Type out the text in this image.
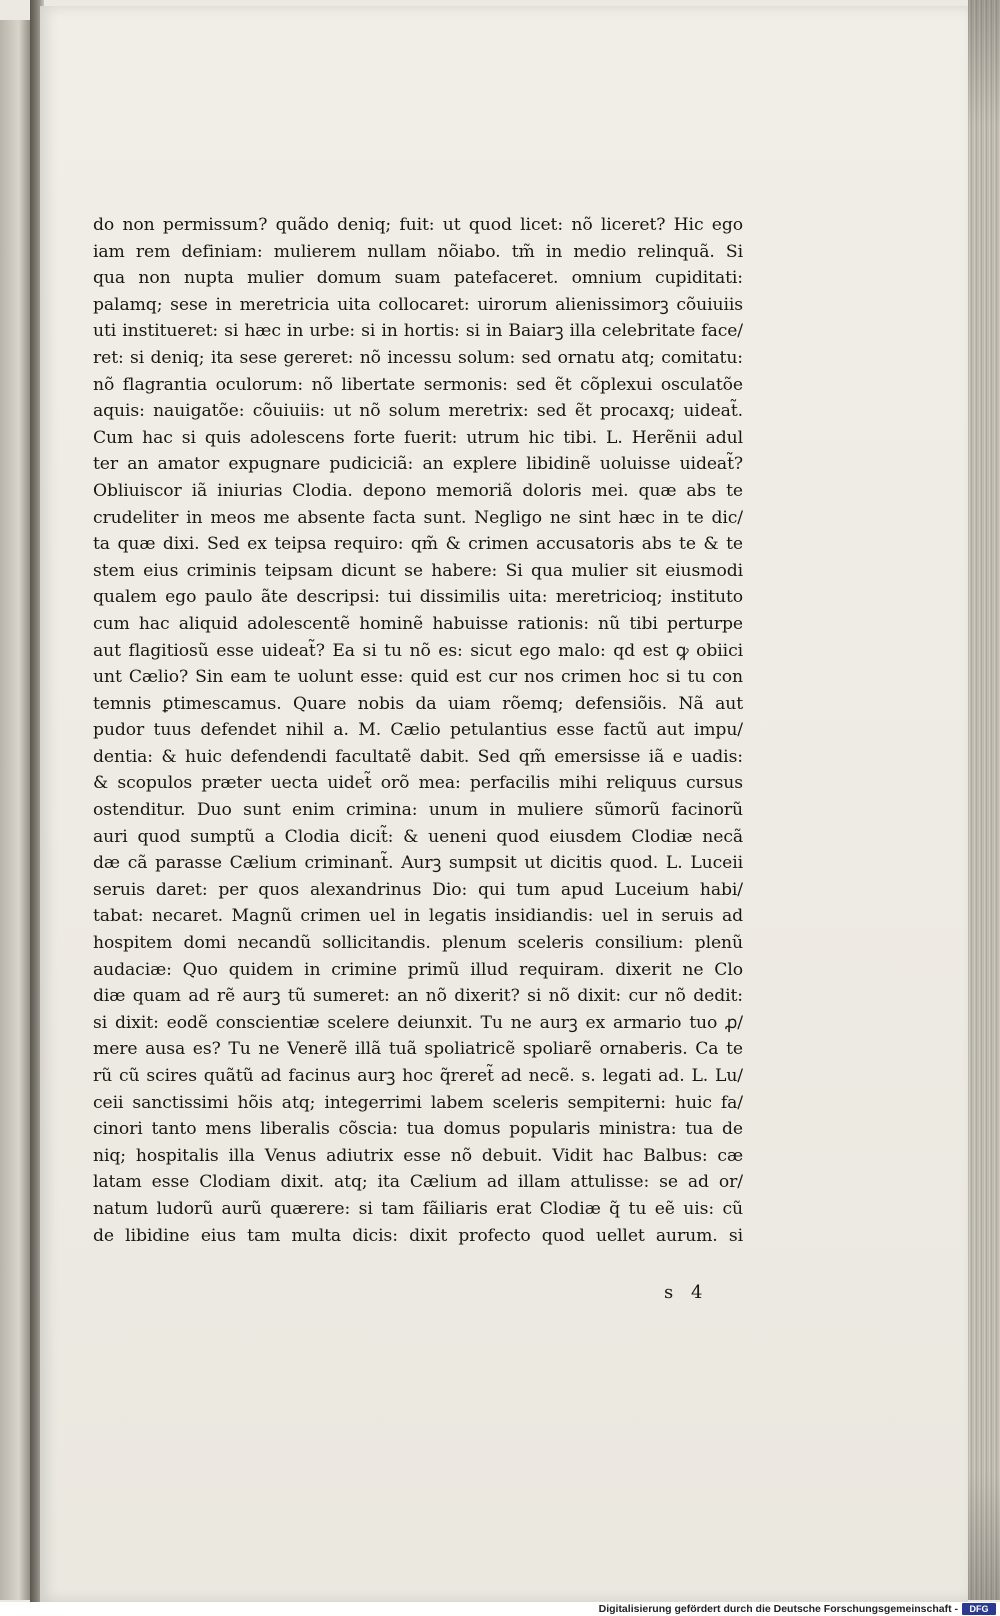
do non permissum? quãdo deniq; fuit: ut quod licet: nõ liceret? Hic ego
iam rem definiam: mulierem nullam nõiabo. tm̃ in medio relinquã. Si
qua non nupta mulier domum suam patefaceret. omnium cupiditati:
palamq; sese in meretricia uita collocaret: uirorum alienissimorꝫ cõuiuiis
uti institueret: si hæc in urbe: si in hortis: si in Baiarꝫ illa celebritate face/
ret: si deniq; ita sese gereret: nõ incessu solum: sed ornatu atq; comitatu:
nõ flagrantia oculorum: nõ libertate sermonis: sed ẽt cõplexui osculatõe
aquis: nauigatõe: cõuiuiis: ut nõ solum meretrix: sed ẽt procaxq; uideat̃.
Cum hac si quis adolescens forte fuerit: utrum hic tibi. L. Herẽnii adul
ter an amator expugnare pudiciciã: an explere libidinẽ uoluisse uideat̃?
Obliuiscor iã iniurias Clodia. depono memoriã doloris mei. quæ abs te
crudeliter in meos me absente facta sunt. Negligo ne sint hæc in te dic/
ta quæ dixi. Sed ex teipsa requiro: qm̃ & crimen accusatoris abs te & te
stem eius criminis teipsam dicunt se habere: Si qua mulier sit eiusmodi
qualem ego paulo ãte descripsi: tui dissimilis uita: meretricioq; instituto
cum hac aliquid adolescentẽ hominẽ habuisse rationis: nũ tibi perturpe
aut flagitiosũ esse uideat̃? Ea si tu nõ es: sicut ego malo: qd est ꝙ obiici
unt Cælio? Sin eam te uolunt esse: quid est cur nos crimen hoc si tu con
temnis ꝑtimescamus. Quare nobis da uiam rõemq; defensiõis. Nã aut
pudor tuus defendet nihil a. M. Cælio petulantius esse factũ aut impu/
dentia: & huic defendendi facultatẽ dabit. Sed qm̃ emersisse iã e uadis:
& scopulos præter uecta uidet̃ orõ mea: perfacilis mihi reliquus cursus
ostenditur. Duo sunt enim crimina: unum in muliere sũmorũ facinorũ
auri quod sumptũ a Clodia dicit̃: & ueneni quod eiusdem Clodiæ necã
dæ cã parasse Cælium criminant̃. Aurꝫ sumpsit ut dicitis quod. L. Luceii
seruis daret: per quos alexandrinus Dio: qui tum apud Luceium habi/
tabat: necaret. Magnũ crimen uel in legatis insidiandis: uel in seruis ad
hospitem domi necandũ sollicitandis. plenum sceleris consilium: plenũ
audaciæ: Quo quidem in crimine primũ illud requiram. dixerit ne Clo
diæ quam ad rẽ aurꝫ tũ sumeret: an nõ dixerit? si nõ dixit: cur nõ dedit:
si dixit: eodẽ conscientiæ scelere deiunxit. Tu ne aurꝫ ex armario tuo ꝓ/
mere ausa es? Tu ne Venerẽ illã tuã spoliatricẽ spoliarẽ ornaberis. Ca te
rũ cũ scires quãtũ ad facinus aurꝫ hoc q̃reret̃ ad necẽ. s. legati ad. L. Lu/
ceii sanctissimi hõis atq; integerrimi labem sceleris sempiterni: huic fa/
cinori tanto mens liberalis cõscia: tua domus popularis ministra: tua de
niq; hospitalis illa Venus adiutrix esse nõ debuit. Vidit hac Balbus: cæ
latam esse Clodiam dixit. atq; ita Cælium ad illam attulisse: se ad or/
natum ludorũ aurũ quærere: si tam fãiliaris erat Clodiæ q̃ tu eẽ uis: cũ
de libidine eius tam multa dicis: dixit profecto quod uellet aurum. si
s 4
Digitalisierung gefördert durch die Deutsche Forschungsgemeinschaft -	DFG
